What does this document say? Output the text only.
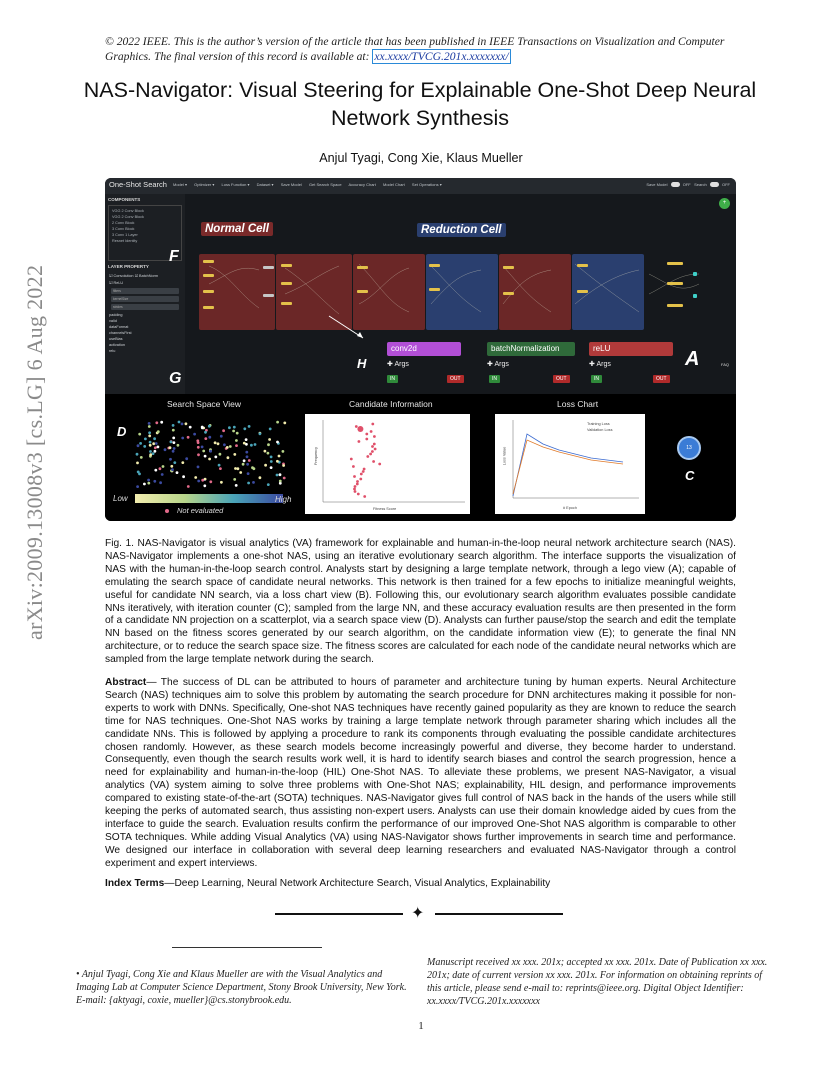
© 2022 IEEE. This is the author’s version of the article that has been published in IEEE Transactions on Visualization and Computer Graphics. The final version of this record is available at: xx.xxxx/TVCG.201x.xxxxxxx/
NAS-Navigator: Visual Steering for Explainable One-Shot Deep Neural Network Synthesis
Anjul Tyagi, Cong Xie, Klaus Mueller
arXiv:2009.13008v3 [cs.LG] 6 Aug 2022
One-Shot Search Model ▾ Optimizer ▾ Loss Function ▾ Dataset ▾ Save Model Get Search Space Accuracy Chart Model Chart Set Operations ▾	Save Model	OFF Search	OFF
COMPONENTS
VGG 2 Conv Block
VGG 2 Conv Block
2 Conv Block
3 Conv Block
3 Conv 1 Layer
Resnet Identity
LAYER PROPERTY
☑ Convolution ☑ BatchNorm
☑ ReLU
filters
kernelSize
strides
padding
valid
dataFormat
channelsFirst
useBias
activation
relu
F
G
Normal Cell	Reduction Cell
+
conv2d
✚ Args
IN	OUT
batchNormalization
✚ Args
IN	OUT
reLU
✚ Args
IN	OUT
H	A	FAQ
Search Space View	Candidate Information	Loss Chart
D
Low	High
Not evaluated	Fitness Score
Frequency
E	Training Loss
Validation Loss
# Epoch
Loss Value
B
13
C
Fig. 1. NAS-Navigator is visual analytics (VA) framework for explainable and human-in-the-loop neural network architecture search (NAS). NAS-Navigator implements a one-shot NAS, using an iterative evolutionary search algorithm. The interface supports the visualization of NAS with the human-in-the-loop search control. Analysts start by designing a large template network, through a lego view (A); capable of emulating the search space of candidate neural networks. This network is then trained for a few epochs to initialize meaningful weights, useful for candidate NN search, via a loss chart view (B). Following this, our evolutionary search algorithm evaluates possible candidate NNs iteratively, with iteration counter (C); sampled from the large NN, and these accuracy evaluation results are then presented in the form of a candidate NN projection on a scatterplot, via a search space view (D). Analysts can further pause/stop the search and edit the template NN based on the fitness scores generated by our search algorithm, on the candidate information view (E); to generate the final NN architecture, or to reduce the search space size. The fitness scores are calculated for each node of the candidate neural networks which are sampled from the large template network during the search.
Abstract— The success of DL can be attributed to hours of parameter and architecture tuning by human experts. Neural Architecture Search (NAS) techniques aim to solve this problem by automating the search procedure for DNN architectures making it possible for non-experts to work with DNNs. Specifically, One-shot NAS techniques have recently gained popularity as they are known to reduce the search time for NAS techniques. One-Shot NAS works by training a large template network through parameter sharing which includes all the candidate NNs. This is followed by applying a procedure to rank its components through evaluating the possible candidate architectures chosen randomly. However, as these search models become increasingly powerful and diverse, they become harder to understand. Consequently, even though the search results work well, it is hard to identify search biases and control the search progression, hence a need for explainability and human-in-the-loop (HIL) One-Shot NAS. To alleviate these problems, we present NAS-Navigator, a visual analytics (VA) system aiming to solve three problems with One-Shot NAS; explainability, HIL design, and performance improvements compared to existing state-of-the-art (SOTA) techniques. NAS-Navigator gives full control of NAS back in the hands of the users while still keeping the perks of automated search, thus assisting non-expert users. Analysts can use their domain knowledge aided by cues from the interface to guide the search. Evaluation results confirm the performance of our improved One-Shot NAS algorithm is comparable to other SOTA techniques. While adding Visual Analytics (VA) using NAS-Navigator shows further improvements in search time and performance. We designed our interface in collaboration with several deep learning researchers and evaluated NAS-Navigator through a control experiment and expert interviews.
Index Terms—Deep Learning, Neural Network Architecture Search, Visual Analytics, Explainability
✦
• Anjul Tyagi, Cong Xie and Klaus Mueller are with the Visual Analytics and Imaging Lab at Computer Science Department, Stony Brook University, New York. E-mail: {aktyagi, coxie, mueller}@cs.stonybrook.edu.
Manuscript received xx xxx. 201x; accepted xx xxx. 201x. Date of Publication xx xxx. 201x; date of current version xx xxx. 201x. For information on obtaining reprints of this article, please send e-mail to: reprints@ieee.org. Digital Object Identifier: xx.xxxx/TVCG.201x.xxxxxxx
1
